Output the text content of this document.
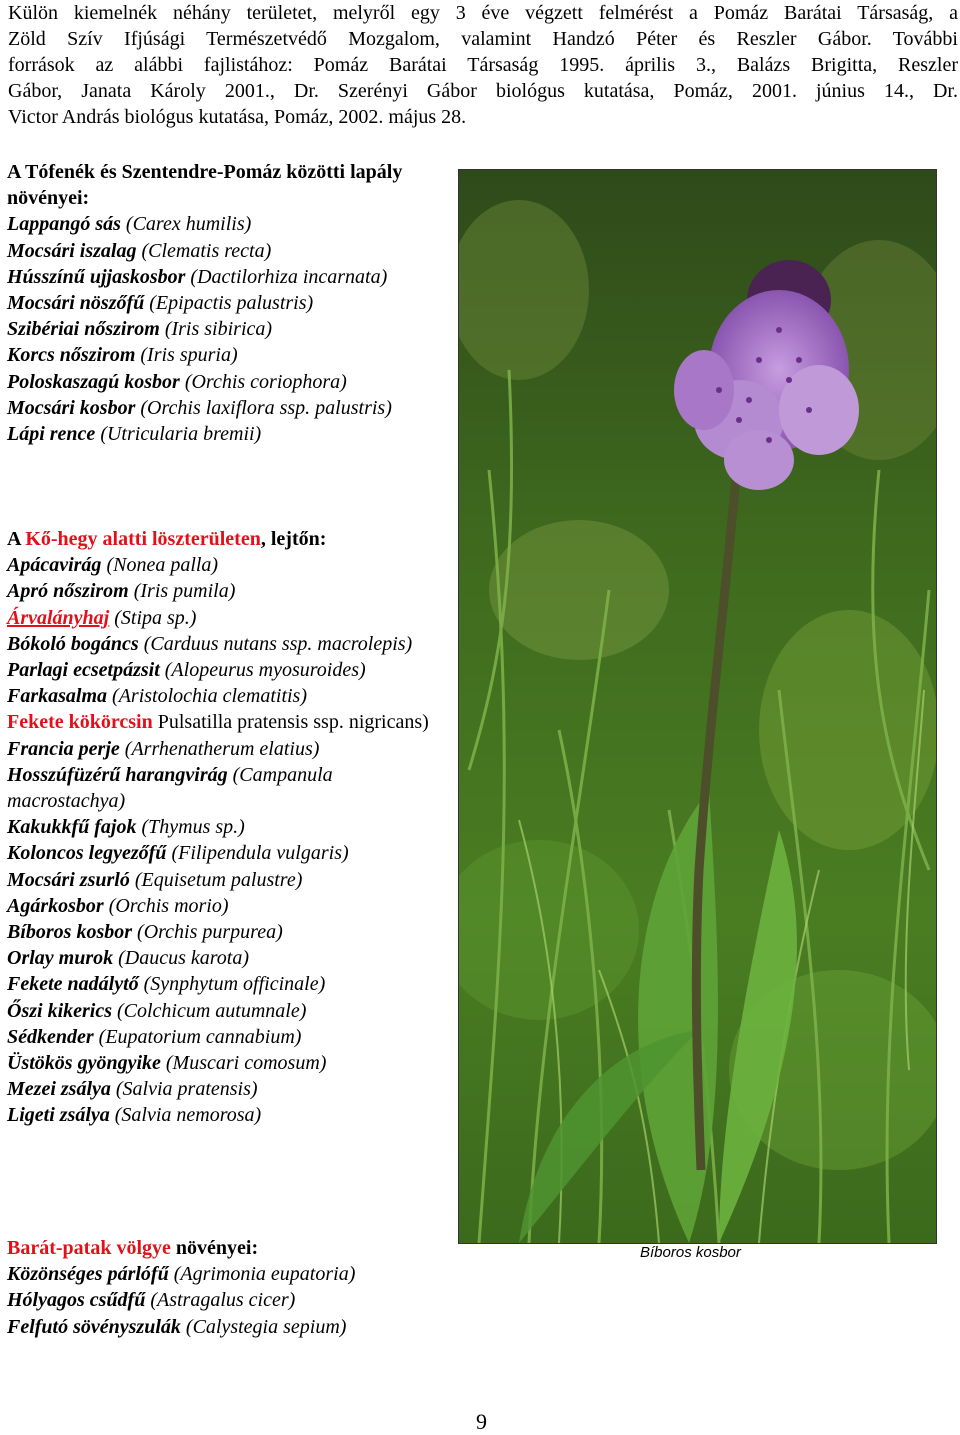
Külön kiemelnék néhány területet, melyről egy 3 éve végzett felmérést a Pomáz Barátai Társaság, a
Zöld Szív Ifjúsági Természetvédő Mozgalom, valamint Handzó Péter és Reszler Gábor. További
források az alábbi fajlistához: Pomáz Barátai Társaság 1995. április 3., Balázs Brigitta, Reszler
Gábor, Janata Károly 2001., Dr. Szerényi Gábor biológus kutatása, Pomáz, 2001. június 14., Dr.
Victor András biológus kutatása, Pomáz, 2002. május 28.

A Tófenék és Szentendre-Pomáz közötti lapály növényei:

Lappangó sás (Carex humilis)

Mocsári iszalag (Clematis recta)

Hússzínű ujjaskosbor (Dactilorhiza incarnata)

Mocsári nöszőfű (Epipactis palustris)

Szibériai nőszirom (Iris sibirica)

Korcs nőszirom (Iris spuria)

Poloskaszagú kosbor (Orchis coriophora)

Mocsári kosbor (Orchis laxiflora ssp. palustris)

Lápi rence (Utricularia bremii)

A Kő-hegy alatti löszterületen, lejtőn:

Apácavirág (Nonea palla)

Apró nőszirom (Iris pumila)

Árvalányhaj (Stipa sp.)

Bókoló bogáncs (Carduus nutans ssp. macrolepis)

Parlagi ecsetpázsit (Alopeurus myosuroides)

Farkasalma (Aristolochia clematitis)

Fekete kökörcsin Pulsatilla pratensis ssp. nigricans)

Francia perje (Arrhenatherum elatius)

Hosszúfüzérű harangvirág (Campanula macrostachya)

Kakukkfű fajok (Thymus sp.)

Koloncos legyezőfű (Filipendula vulgaris)

Mocsári zsurló (Equisetum palustre)

Agárkosbor (Orchis morio)

Bíboros kosbor (Orchis purpurea)

Orlay murok (Daucus karota)

Fekete nadálytő (Synphytum officinale)

Őszi kikerics (Colchicum autumnale)

Sédkender (Eupatorium cannabium)

Üstökös gyöngyike (Muscari comosum)

Mezei zsálya (Salvia pratensis)

Ligeti zsálya (Salvia nemorosa)

Barát-patak völgye növényei:

Közönséges párlófű (Agrimonia eupatoria)

Hólyagos csűdfű (Astragalus cicer)

Felfutó sövényszulák (Calystegia sepium)

Bíboros kosbor
9
